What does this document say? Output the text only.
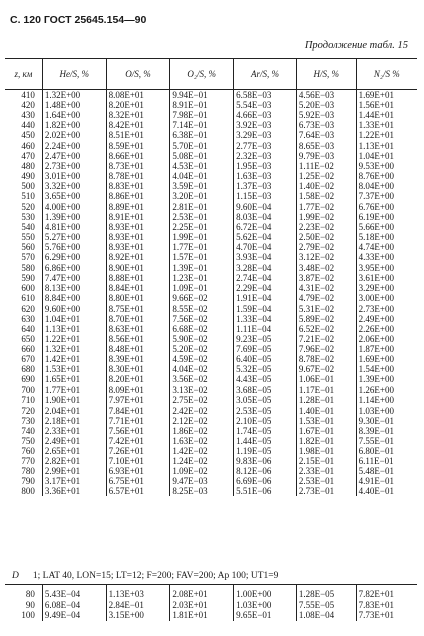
С. 120 ГОСТ 25645.154—90
Продолжение табл. 15
z, км	He/S, %	O/S, %	O₂/S, %	Ar/S, %	H/S, %	N₂/S %
410	1.32E+00	8.08E+01	9.94E−01	6.58E−03	4.56E−03	1.69E+01
420	1.48E+00	8.20E+01	8.91E−01	5.54E−03	5.20E−03	1.56E+01
430	1.64E+00	8.32E+01	7.98E−01	4.66E−03	5.92E−03	1.44E+01
440	1.82E+00	8.42E+01	7.14E−01	3.92E−03	6.73E−03	1.33E+01
450	2.02E+00	8.51E+01	6.38E−01	3.29E−03	7.64E−03	1.22E+01
460	2.24E+00	8.59E+01	5.70E−01	2.77E−03	8.65E−03	1.13E+01
470	2.47E+00	8.66E+01	5.08E−01	2.32E−03	9.79E−03	1.04E+01
480	2.73E+00	8.73E+01	4.53E−01	1.95E−03	1.11E−02	9.53E+00
490	3.01E+00	8.78E+01	4.04E−01	1.63E−03	1.25E−02	8.76E+00
500	3.32E+00	8.83E+01	3.59E−01	1.37E−03	1.40E−02	8.04E+00
510	3.65E+00	8.86E+01	3.20E−01	1.15E−03	1.58E−02	7.37E+00
520	4.00E+00	8.89E+01	2.81E−01	9.60E−04	1.77E−02	6.76E+00
530	1.39E+00	8.91E+01	2.53E−01	8.03E−04	1.99E−02	6.19E+00
540	4.81E+00	8.93E+01	2.25E−01	6.72E−04	2.23E−02	5.66E+00
550	5.27E+00	8.93E+01	1.99E−01	5.62E−04	2.50E−02	5.18E+00
560	5.76E+00	8.93E+01	1.77E−01	4.70E−04	2.79E−02	4.74E+00
570	6.29E+00	8.92E+01	1.57E−01	3.93E−04	3.12E−02	4.33E+00
580	6.86E+00	8.90E+01	1.39E−01	3.28E−04	3.48E−02	3.95E+00
590	7.47E+00	8.88E+01	1.23E−01	2.74E−04	3.87E−02	3.61E+00
600	8.13E+00	8.84E+01	1.09E−01	2.29E−04	4.31E−02	3.29E+00
610	8.84E+00	8.80E+01	9.66E−02	1.91E−04	4.79E−02	3.00E+00
620	9.60E+00	8.75E+01	8.55E−02	1.59E−04	5.31E−02	2.73E+00
630	1.04E+01	8.70E+01	7.56E−02	1.33E−04	5.89E−02	2.49E+00
640	1.13E+01	8.63E+01	6.68E−02	1.11E−04	6.52E−02	2.26E+00
650	1.22E+01	8.56E+01	5.90E−02	9.23E−05	7.21E−02	2.06E+00
660	1.32E+01	8.48E+01	5.20E−02	7.69E−05	7.96E−02	1.87E+00
670	1.42E+01	8.39E+01	4.59E−02	6.40E−05	8.78E−02	1.69E+00
680	1.53E+01	8.30E+01	4.04E−02	5.32E−05	9.67E−02	1.54E+00
690	1.65E+01	8.20E+01	3.56E−02	4.43E−05	1.06E−01	1.39E+00
700	1.77E+01	8.09E+01	3.13E−02	3.68E−05	1.17E−01	1.26E+00
710	1.90E+01	7.97E+01	2.75E−02	3.05E−05	1.28E−01	1.14E+00
720	2.04E+01	7.84E+01	2.42E−02	2.53E−05	1.40E−01	1.03E+00
730	2.18E+01	7.71E+01	2.12E−02	2.10E−05	1.53E−01	9.30E−01
740	2.33E+01	7.56E+01	1.86E−02	1.74E−05	1.67E−01	8.39E−01
750	2.49E+01	7.42E+01	1.63E−02	1.44E−05	1.82E−01	7.55E−01
760	2.65E+01	7.26E+01	1.42E−02	1.19E−05	1.98E−01	6.80E−01
770	2.82E+01	7.10E+01	1.24E−02	9.83E−06	2.15E−01	6.11E−01
780	2.99E+01	6.93E+01	1.09E−02	8.12E−06	2.33E−01	5.48E−01
790	3.17E+01	6.75E+01	9.47E−03	6.69E−06	2.53E−01	4.91E−01
800	3.36E+01	6.57E+01	8.25E−03	5.51E−06	2.73E−01	4.40E−01
D 1; LAT 40, LON=15; LT=12; F=200; FAV=200; Ap 100; UT1=9
80	5.43E−04	1.13E+03	2.08E+01	1.00E+00	1.28E−05	7.82E+01
90	6.08E−04	2.84E−01	2.03E+01	1.03E+00	7.55E−05	7.83E+01
100	9.49E−04	3.15E+00	1.81E+01	9.65E−01	1.08E−04	7.73E+01
